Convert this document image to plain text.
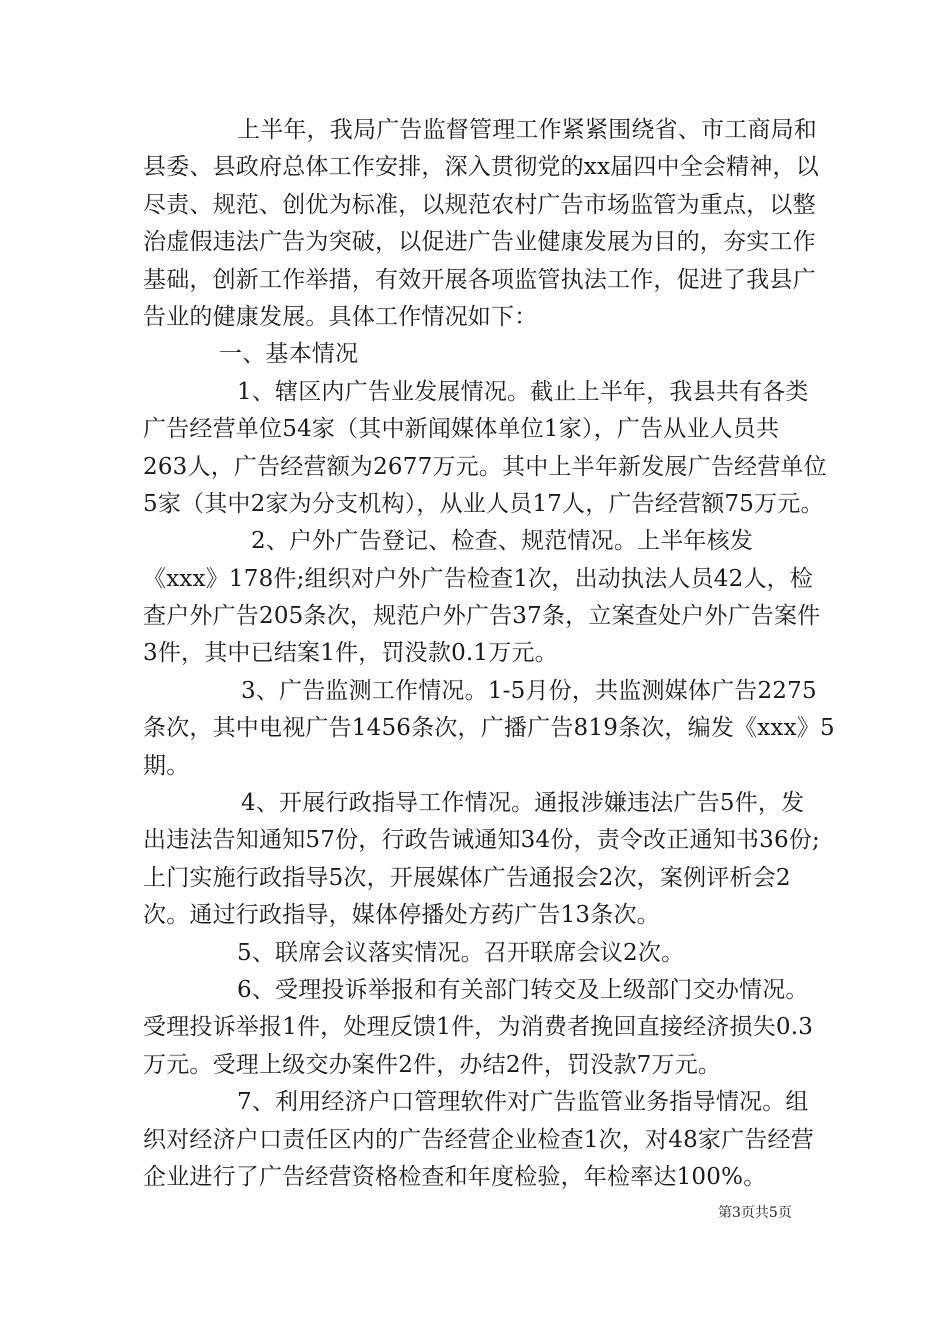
上半年，我局广告监督管理工作紧紧围绕省、市工商局和
县委、县政府总体工作安排，深入贯彻党的xx届四中全会精神，以
尽责、规范、创优为标准，以规范农村广告市场监管为重点，以整
治虚假违法广告为突破，以促进广告业健康发展为目的，夯实工作
基础，创新工作举措，有效开展各项监管执法工作，促进了我县广
告业的健康发展。具体工作情况如下：
一、基本情况
1、辖区内广告业发展情况。截止上半年，我县共有各类
广告经营单位54家（其中新闻媒体单位1家），广告从业人员共
263人，广告经营额为2677万元。其中上半年新发展广告经营单位
5家（其中2家为分支机构），从业人员17人，广告经营额75万元。
2、户外广告登记、检查、规范情况。上半年核发
《xxx》178件;组织对户外广告检查1次，出动执法人员42人，检
查户外广告205条次，规范户外广告37条，立案查处户外广告案件
3件，其中已结案1件，罚没款0.1万元。
3、广告监测工作情况。1-5月份，共监测媒体广告2275
条次，其中电视广告1456条次，广播广告819条次，编发《xxx》5
期。
4、开展行政指导工作情况。通报涉嫌违法广告5件，发
出违法告知通知57份，行政告诫通知34份，责令改正通知书36份;
上门实施行政指导5次，开展媒体广告通报会2次，案例评析会2
次。通过行政指导，媒体停播处方药广告13条次。
5、联席会议落实情况。召开联席会议2次。
6、受理投诉举报和有关部门转交及上级部门交办情况。
受理投诉举报1件，处理反馈1件，为消费者挽回直接经济损失0.3
万元。受理上级交办案件2件，办结2件，罚没款7万元。
7、利用经济户口管理软件对广告监管业务指导情况。组
织对经济户口责任区内的广告经营企业检查1次，对48家广告经营
企业进行了广告经营资格检查和年度检验，年检率达100%。
第3页共5页
